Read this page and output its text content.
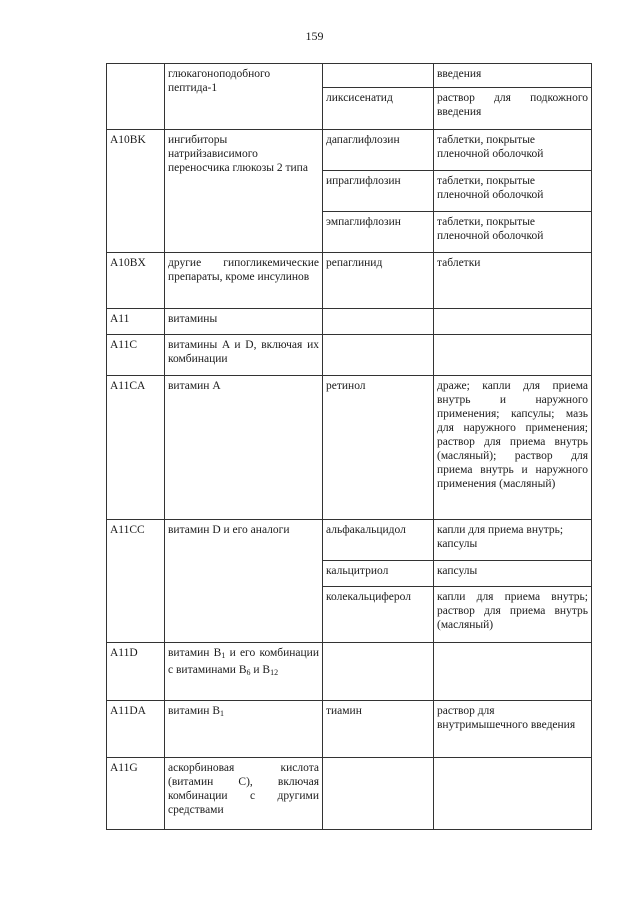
159
	глюкагоноподобного пептида-1		введения
		ликсисенатид	раствор для подкожного введения
A10BK	ингибиторы натрийзависимого переносчика глюкозы 2 типа	дапаглифлозин	таблетки, покрытые пленочной оболочкой
		ипраглифлозин	таблетки, покрытые пленочной оболочкой
		эмпаглифлозин	таблетки, покрытые пленочной оболочкой
A10BX	другие гипогликемические препараты, кроме инсулинов	репаглинид	таблетки
A11	витамины		
A11C	витамины A и D, включая их комбинации		
A11CA	витамин A	ретинол	драже; капли для приема внутрь и наружного применения; капсулы; мазь для наружного применения; раствор для приема внутрь (масляный); раствор для приема внутрь и наружного применения (масляный)
A11CC	витамин D и его аналоги	альфакальцидол	капли для приема внутрь; капсулы
		кальцитриол	капсулы
		колекальциферол	капли для приема внутрь; раствор для приема внутрь (масляный)
A11D	витамин $B_1$ и его комбинации с витаминами $B_6$ и $B_{12}$		
A11DA	витамин $B_1$	тиамин	раствор для внутримышечного введения
A11G	аскорбиновая кислота (витамин C), включая комбинации с другими средствами		
